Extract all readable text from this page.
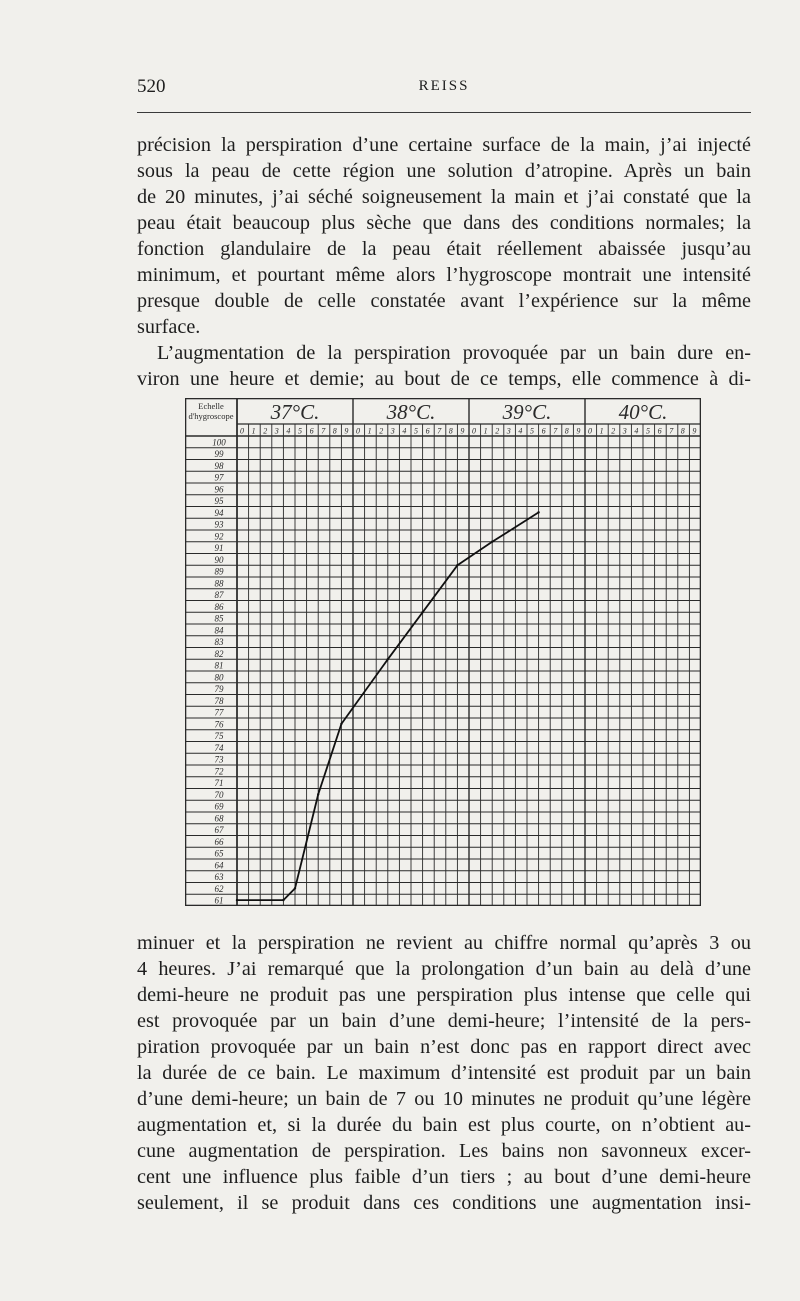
520	REISS
précision la perspiration d’une certaine surface de la main, j’ai injecté
sous la peau de cette région une solution d’atropine. Après un bain
de 20 minutes, j’ai séché soigneusement la main et j’ai constaté que la
peau était beaucoup plus sèche que dans des conditions normales; la
fonction glandulaire de la peau était réellement abaissée jusqu’au
minimum, et pourtant même alors l’hygroscope montrait une intensité
presque double de celle constatée avant l’expérience sur la même
surface.
L’augmentation de la perspiration provoquée par un bain dure en-
viron une heure et demie; au bout de ce temps, elle commence à di-
Echelle
d'hygroscope 37°C.
0 1 2 3 4 5 6 7 8 9
38°C.
0 1 2 3 4 5 6 7 8 9
39°C.
0 1 2 3 4 5 6 7 8 9
40°C.
0 1 2 3 4 5 6 7 8 9
100
99
98
97
96
95
94
93
92
91
90
89
88
87
86
85
84
83
82
81
80
79
78
77
76
75
74
73
72
71
70
69
68
67
66
65
64
63
62
61
minuer et la perspiration ne revient au chiffre normal qu’après 3 ou
4 heures. J’ai remarqué que la prolongation d’un bain au delà d’une
demi-heure ne produit pas une perspiration plus intense que celle qui
est provoquée par un bain d’une demi-heure; l’intensité de la pers-
piration provoquée par un bain n’est donc pas en rapport direct avec
la durée de ce bain. Le maximum d’intensité est produit par un bain
d’une demi-heure; un bain de 7 ou 10 minutes ne produit qu’une légère
augmentation et, si la durée du bain est plus courte, on n’obtient au-
cune augmentation de perspiration. Les bains non savonneux excer-
cent une influence plus faible d’un tiers ; au bout d’une demi-heure
seulement, il se produit dans ces conditions une augmentation insi-
